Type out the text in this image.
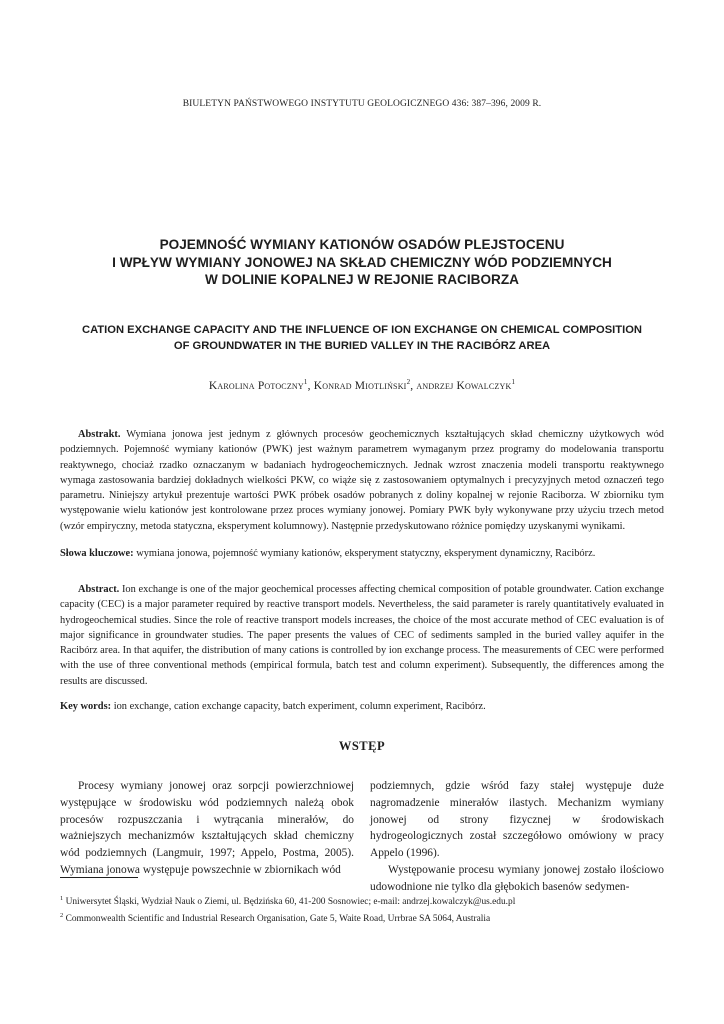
BIULETYN PAŃSTWOWEGO INSTYTUTU GEOLOGICZNEGO 436: 387–396, 2009 R.
POJEMNOŚĆ WYMIANY KATIONÓW OSADÓW PLEJSTOCENU
I WPŁYW WYMIANY JONOWEJ NA SKŁAD CHEMICZNY WÓD PODZIEMNYCH
W DOLINIE KOPALNEJ W REJONIE RACIBORZA
CATION EXCHANGE CAPACITY AND THE INFLUENCE OF ION EXCHANGE ON CHEMICAL COMPOSITION
OF GROUNDWATER IN THE BURIED VALLEY IN THE RACIBÓRZ AREA
Karolina Potoczny$^1$, Konrad Miotliński$^2$, andrzej Kowalczyk$^1$
Abstrakt. Wymiana jonowa jest jednym z głównych procesów geochemicznych kształtujących skład chemiczny użytkowych wód podziemnych. Pojemność wymiany kationów (PWK) jest ważnym parametrem wymaganym przez programy do modelowania transportu reaktywnego, chociaż rzadko oznaczanym w badaniach hydrogeochemicznych. Jednak wzrost znaczenia modeli transportu reaktywnego wymaga zastosowania bardziej dokładnych wielkości PKW, co wiąże się z zastosowaniem optymalnych i precyzyjnych metod oznaczeń tego parametru. Niniejszy artykuł prezentuje wartości PWK próbek osadów pobranych z doliny kopalnej w rejonie Raciborza. W zbiorniku tym występowanie wielu kationów jest kontrolowane przez proces wymiany jonowej. Pomiary PWK były wykonywane przy użyciu trzech metod (wzór empiryczny, metoda statyczna, eksperyment kolumnowy). Następnie przedyskutowano różnice pomiędzy uzyskanymi wynikami.
Słowa kluczowe: wymiana jonowa, pojemność wymiany kationów, eksperyment statyczny, eksperyment dynamiczny, Racibórz.
Abstract. Ion exchange is one of the major geochemical processes affecting chemical composition of potable groundwater. Cation exchange capacity (CEC) is a major parameter required by reactive transport models. Nevertheless, the said parameter is rarely quantitatively evaluated in hydrogeochemical studies. Since the role of reactive transport models increases, the choice of the most accurate method of CEC evaluation is of major significance in groundwater studies. The paper presents the values of CEC of sediments sampled in the buried valley aquifer in the Racibórz area. In that aquifer, the distribution of many cations is controlled by ion exchange process. The measurements of CEC were performed with the use of three conventional methods (empirical formula, batch test and column experiment). Subsequently, the differences among the results are discussed.
Key words: ion exchange, cation exchange capacity, batch experiment, column experiment, Racibórz.
WSTĘP

Procesy wymiany jonowej oraz sorpcji powierzchniowej występujące w środowisku wód podziemnych należą obok procesów rozpuszczania i wytrącania minerałów, do ważniejszych mechanizmów kształtujących skład chemiczny wód podziemnych (Langmuir, 1997; Appelo, Postma, 2005). Wymiana jonowa występuje powszechnie w zbiornikach wód

podziemnych, gdzie wśród fazy stałej występuje duże nagromadzenie minerałów ilastych. Mechanizm wymiany jonowej od strony fizycznej w środowiskach hydrogeologicznych został szczegółowo omówiony w pracy Appelo (1996).

Występowanie procesu wymiany jonowej zostało ilościowo udowodnione nie tylko dla głębokich basenów sedymen-

$^1$ Uniwersytet Śląski, Wydział Nauk o Ziemi, ul. Będzińska 60, 41-200 Sosnowiec; e-mail: andrzej.kowalczyk@us.edu.pl
$^2$ Commonwealth Scientific and Industrial Research Organisation, Gate 5, Waite Road, Urrbrae SA 5064, Australia
